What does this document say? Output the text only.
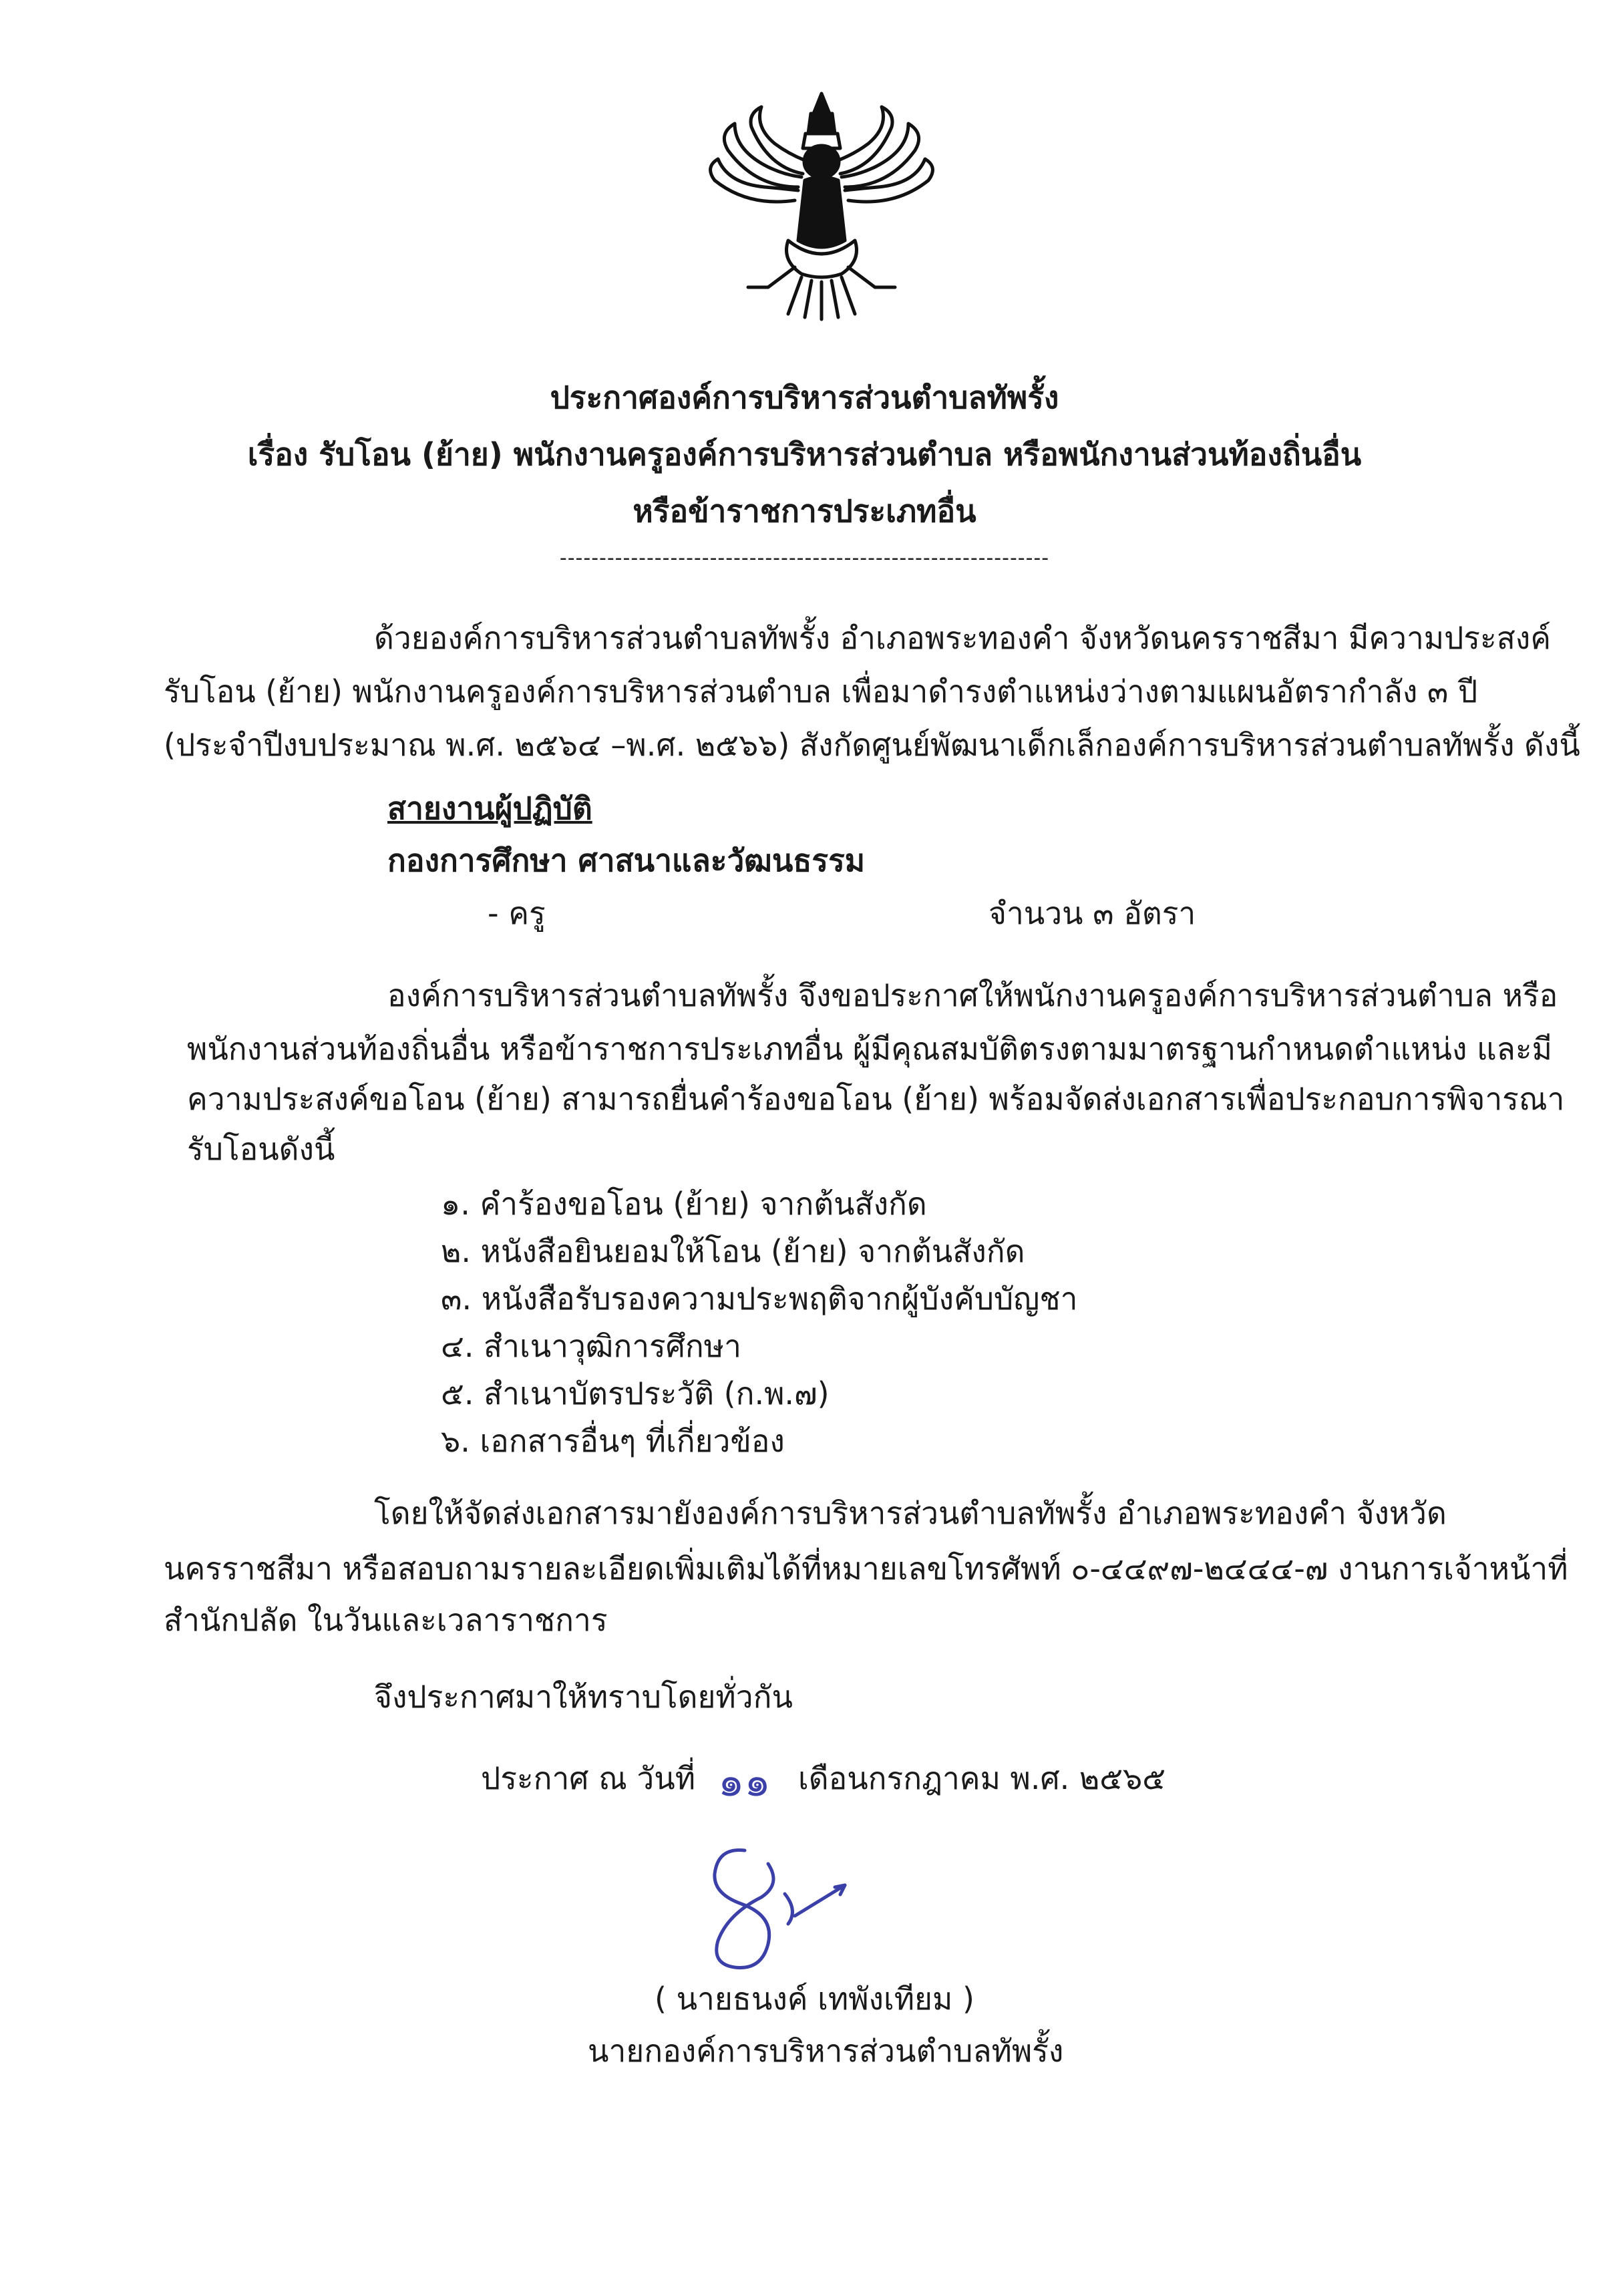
ประกาศองค์การบริหารส่วนตำบลทัพรั้ง
เรื่อง รับโอน (ย้าย) พนักงานครูองค์การบริหารส่วนตำบล หรือพนักงานส่วนท้องถิ่นอื่น
หรือข้าราชการประเภทอื่น
--------------------------------------------------------------
ด้วยองค์การบริหารส่วนตำบลทัพรั้ง อำเภอพระทองคำ จังหวัดนครราชสีมา มีความประสงค์
รับโอน (ย้าย) พนักงานครูองค์การบริหารส่วนตำบล เพื่อมาดำรงตำแหน่งว่างตามแผนอัตรากำลัง ๓ ปี
(ประจำปีงบประมาณ พ.ศ. ๒๕๖๔ –พ.ศ. ๒๕๖๖) สังกัดศูนย์พัฒนาเด็กเล็กองค์การบริหารส่วนตำบลทัพรั้ง ดังนี้
สายงานผู้ปฏิบัติ
กองการศึกษา ศาสนาและวัฒนธรรม
- ครู	จำนวน ๓ อัตรา
องค์การบริหารส่วนตำบลทัพรั้ง จึงขอประกาศให้พนักงานครูองค์การบริหารส่วนตำบล หรือ
พนักงานส่วนท้องถิ่นอื่น หรือข้าราชการประเภทอื่น ผู้มีคุณสมบัติตรงตามมาตรฐานกำหนดตำแหน่ง และมี
ความประสงค์ขอโอน (ย้าย) สามารถยื่นคำร้องขอโอน (ย้าย) พร้อมจัดส่งเอกสารเพื่อประกอบการพิจารณา
รับโอนดังนี้
๑. คำร้องขอโอน (ย้าย) จากต้นสังกัด
๒. หนังสือยินยอมให้โอน (ย้าย) จากต้นสังกัด
๓. หนังสือรับรองความประพฤติจากผู้บังคับบัญชา
๔. สำเนาวุฒิการศึกษา
๕. สำเนาบัตรประวัติ (ก.พ.๗)
๖. เอกสารอื่นๆ ที่เกี่ยวข้อง
โดยให้จัดส่งเอกสารมายังองค์การบริหารส่วนตำบลทัพรั้ง อำเภอพระทองคำ จังหวัด
นครราชสีมา หรือสอบถามรายละเอียดเพิ่มเติมได้ที่หมายเลขโทรศัพท์ ๐-๔๔๙๗-๒๔๔๔-๗ งานการเจ้าหน้าที่
สำนักปลัด ในวันและเวลาราชการ
จึงประกาศมาให้ทราบโดยทั่วกัน
ประกาศ ณ วันที่ ๑๑ เดือนกรกฎาคม พ.ศ. ๒๕๖๕
( นายธนงค์ เทพังเทียม )
นายกองค์การบริหารส่วนตำบลทัพรั้ง
